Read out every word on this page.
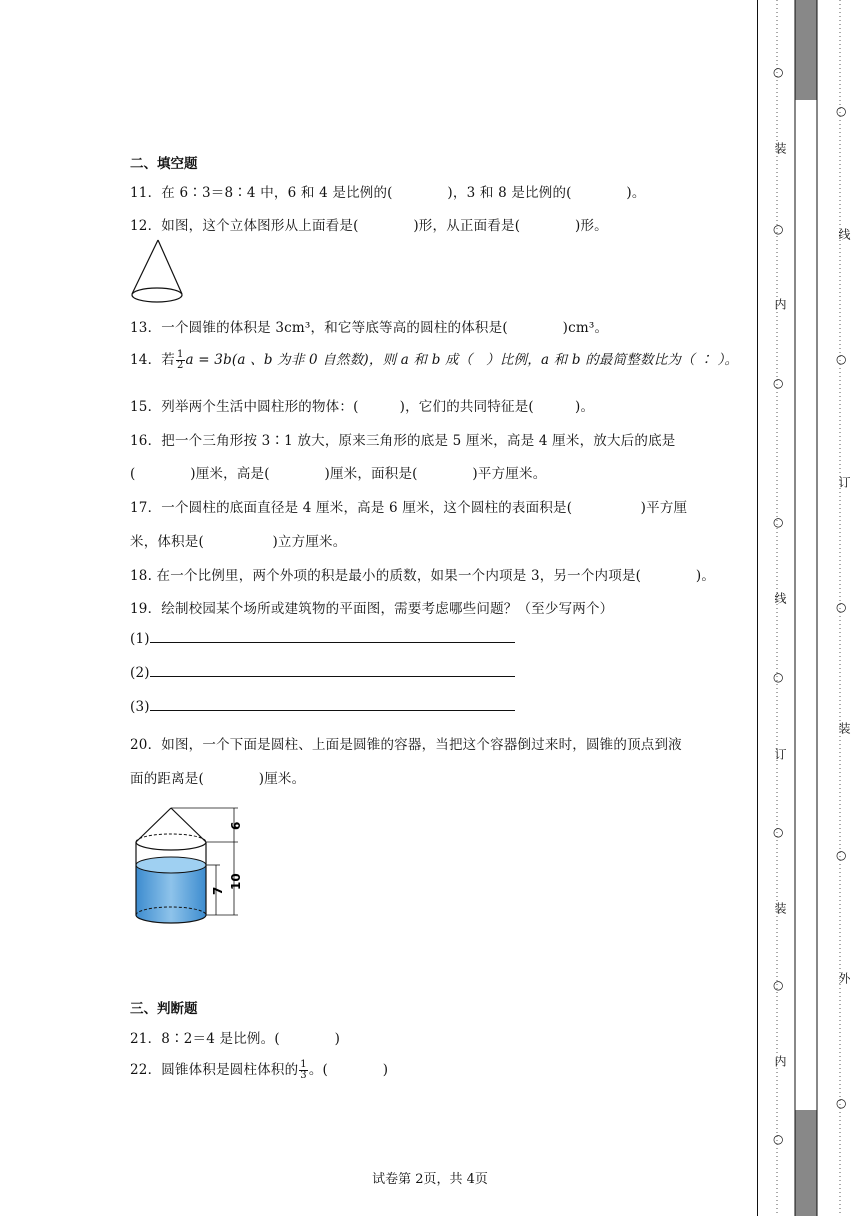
二、填空题
11．在 6∶3＝8∶4 中，6 和 4 是比例的(　　　　)，3 和 8 是比例的(　　　　)。
12．如图，这个立体图形从上面看是(　　　　)形，从正面看是(　　　　)形。
13．一个圆锥的体积是 3cm³，和它等底等高的圆柱的体积是(　　　　)cm³。
14．若 $\frac{1}{2}$ a = 3b(a 、b 为非 0 自然数)，则 a 和 b 成（　）比例，a 和 b 的最简整数比为（ ∶ ）。
15．列举两个生活中圆柱形的物体：(　　　)，它们的共同特征是(　　　)。
16．把一个三角形按 3∶1 放大，原来三角形的底是 5 厘米，高是 4 厘米，放大后的底是
(　　　　)厘米，高是(　　　　)厘米，面积是(　　　　)平方厘米。
17．一个圆柱的底面直径是 4 厘米，高是 6 厘米，这个圆柱的表面积是(　　　　　)平方厘
米，体积是(　　　　　)立方厘米。
18. 在一个比例里，两个外项的积是最小的质数，如果一个内项是 3，另一个内项是(　　　　)。
19．绘制校园某个场所或建筑物的平面图，需要考虑哪些问题？（至少写两个）
(1)
(2)
(3)
20．如图，一个下面是圆柱、上面是圆锥的容器，当把这个容器倒过来时，圆锥的顶点到液
面的距离是(　　　　)厘米。
6
7
10
三、判断题
21．8∶2＝4 是比例。(　　　　)
22．圆锥体积是圆柱体积的 $\frac{1}{3}$ 。(　　　　)
试卷第 2页，共 4页
○
装
○
内
○
○
线
○
订
○
装
○
内
○
○
线
○
订
○
装
○
外
○
